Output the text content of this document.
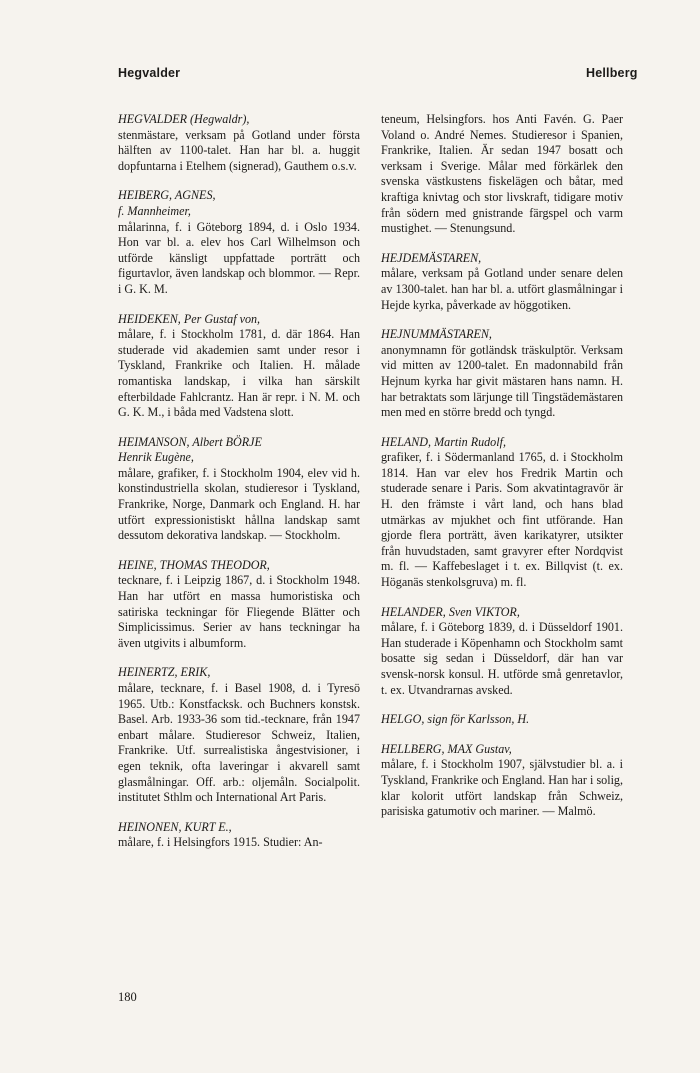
Hegvalder	Hellberg
HEGVALDER (Hegwaldr),
stenmästare, verksam på Gotland under första hälften av 1100-talet. Han har bl. a. huggit dopfuntarna i Etelhem (signerad), Gauthem o.s.v.
HEIBERG, AGNES,
f. Mannheimer,
målarinna, f. i Göteborg 1894, d. i Oslo 1934. Hon var bl. a. elev hos Carl Wilhelmson och utförde känsligt uppfattade porträtt och figurtavlor, även landskap och blommor. — Repr. i G. K. M.
HEIDEKEN, Per Gustaf von,
målare, f. i Stockholm 1781, d. där 1864. Han studerade vid akademien samt under resor i Tyskland, Frankrike och Italien. H. målade romantiska landskap, i vilka han särskilt efterbildade Fahlcrantz. Han är repr. i N. M. och G. K. M., i båda med Vadstena slott.
HEIMANSON, Albert BÖRJE
Henrik Eugène,
målare, grafiker, f. i Stockholm 1904, elev vid h. konstindustriella skolan, studieresor i Tyskland, Frankrike, Norge, Danmark och England. H. har utfört expressionistiskt hållna landskap samt dessutom dekorativa landskap. — Stockholm.
HEINE, THOMAS THEODOR,
tecknare, f. i Leipzig 1867, d. i Stockholm 1948. Han har utfört en massa humoristiska och satiriska teckningar för Fliegende Blätter och Simplicissimus. Serier av hans teckningar ha även utgivits i albumform.
HEINERTZ, ERIK,
målare, tecknare, f. i Basel 1908, d. i Tyresö 1965. Utb.: Konstfacksk. och Buchners konstsk. Basel. Arb. 1933-36 som tid.-tecknare, från 1947 enbart målare. Studieresor Schweiz, Italien, Frankrike. Utf. surrealistiska ångestvisioner, i egen teknik, ofta laveringar i akvarell samt glasmålningar. Off. arb.: oljemåln. Socialpolit. institutet Sthlm och International Art Paris.
HEINONEN, KURT E.,
målare, f. i Helsingfors 1915. Studier: An-
teneum, Helsingfors. hos Anti Favén. G. Paer Voland o. André Nemes. Studieresor i Spanien, Frankrike, Italien. Är sedan 1947 bosatt och verksam i Sverige. Målar med förkärlek den svenska västkustens fiskelägen och båtar, med kraftiga knivtag och stor livskraft, tidigare motiv från södern med gnistrande färgspel och varm mustighet. — Stenungsund.
HEJDEMÄSTAREN,
målare, verksam på Gotland under senare delen av 1300-talet. han har bl. a. utfört glasmålningar i Hejde kyrka, påverkade av höggotiken.
HEJNUMMÄSTAREN,
anonymnamn för gotländsk träskulptör. Verksam vid mitten av 1200-talet. En madonnabild från Hejnum kyrka har givit mästaren hans namn. H. har betraktats som lärjunge till Tingstädemästaren men med en större bredd och tyngd.
HELAND, Martin Rudolf,
grafiker, f. i Södermanland 1765, d. i Stockholm 1814. Han var elev hos Fredrik Martin och studerade senare i Paris. Som akvatintagravör är H. den främste i vårt land, och hans blad utmärkas av mjukhet och fint utförande. Han gjorde flera porträtt, även karikatyrer, utsikter från huvudstaden, samt gravyrer efter Nordqvist m. fl. — Kaffebeslaget i t. ex. Billqvist (t. ex. Höganäs stenkolsgruva) m. fl.
HELANDER, Sven VIKTOR,
målare, f. i Göteborg 1839, d. i Düsseldorf 1901. Han studerade i Köpenhamn och Stockholm samt bosatte sig sedan i Düsseldorf, där han var svensk-norsk konsul. H. utförde små genretavlor, t. ex. Utvandrarnas avsked.
HELGO, sign för Karlsson, H.
HELLBERG, MAX Gustav,
målare, f. i Stockholm 1907, självstudier bl. a. i Tyskland, Frankrike och England. Han har i solig, klar kolorit utfört landskap från Schweiz, parisiska gatumotiv och mariner. — Malmö.
180
